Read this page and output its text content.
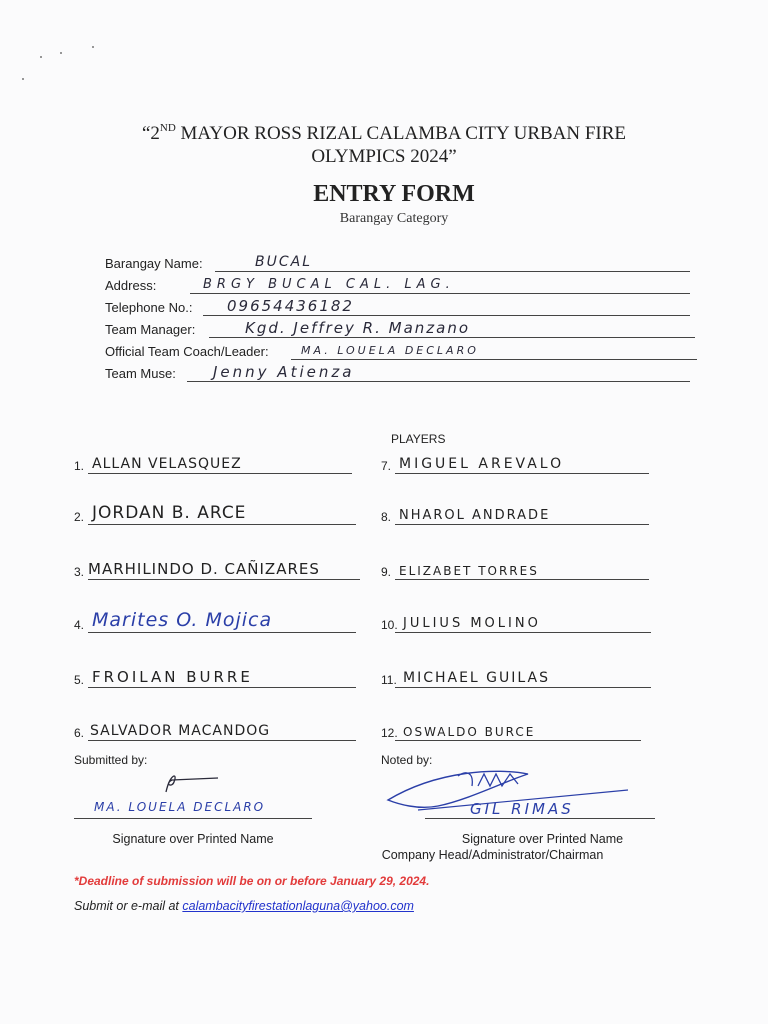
“2ND MAYOR ROSS RIZAL CALAMBA CITY URBAN FIRE
OLYMPICS 2024”
ENTRY FORM
Barangay Category
Barangay Name:	BUCAL
Address:	BRGY BUCAL CAL. LAG.
Telephone No.: 09654436182
Team Manager:	Kgd. Jeffrey R. Manzano
Official Team Coach/Leader:	MA. LOUELA DECLARO
Team Muse: Jenny Atienza
PLAYERS
1. ALLAN VELASQUEZ
2. JORDAN B. ARCE
3. MARHILINDO D. CAÑIZARES
4. Marites O. Mojica
5. FROILAN BURRE
6. SALVADOR MACANDOG
7. MIGUEL AREVALO
8. NHAROL ANDRADE
9. ELIZABET TORRES
10. JULIUS MOLINO
11. MICHAEL GUILAS
12. OSWALDO BURCE
Submitted by:
MA. LOUELA DECLARO
Signature over Printed Name
Noted by:
GIL RIMAS
Signature over Printed Name
Company Head/Administrator/Chairman
*Deadline of submission will be on or before January 29, 2024.
Submit or e-mail at calambacityfirestationlaguna@yahoo.com
